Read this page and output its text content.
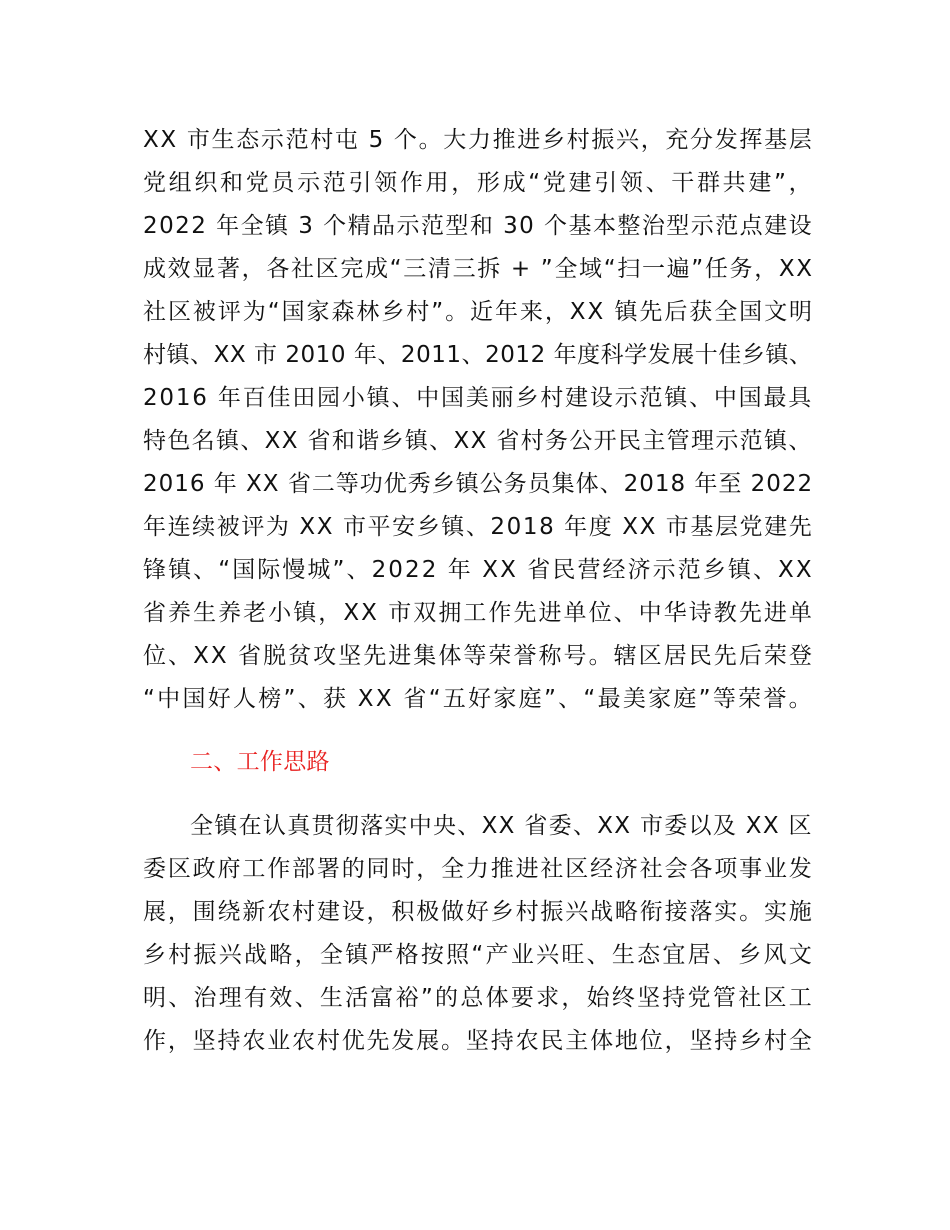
XX 市生态示范村屯 5 个。大力推进乡村振兴，充分发挥基层
党组织和党员示范引领作用，形成“党建引领、干群共建”，
2022 年全镇 3 个精品示范型和 30 个基本整治型示范点建设
成效显著，各社区完成“三清三拆 + ”全域“扫一遍”任务，XX
社区被评为“国家森林乡村”。近年来，XX 镇先后获全国文明
村镇、XX 市 2010 年、2011、2012 年度科学发展十佳乡镇、
2016 年百佳田园小镇、中国美丽乡村建设示范镇、中国最具
特色名镇、XX 省和谐乡镇、XX 省村务公开民主管理示范镇、
2016 年 XX 省二等功优秀乡镇公务员集体、2018 年至 2022
年连续被评为 XX 市平安乡镇、2018 年度 XX 市基层党建先
锋镇、“国际慢城”、2022 年 XX 省民营经济示范乡镇、XX
省养生养老小镇，XX 市双拥工作先进单位、中华诗教先进单
位、XX 省脱贫攻坚先进集体等荣誉称号。辖区居民先后荣登
“中国好人榜”、获 XX 省“五好家庭”、“最美家庭”等荣誉。
二、工作思路
全镇在认真贯彻落实中央、XX 省委、XX 市委以及 XX 区
委区政府工作部署的同时，全力推进社区经济社会各项事业发
展，围绕新农村建设，积极做好乡村振兴战略衔接落实。实施
乡村振兴战略，全镇严格按照“产业兴旺、生态宜居、乡风文
明、治理有效、生活富裕”的总体要求，始终坚持党管社区工
作，坚持农业农村优先发展。坚持农民主体地位，坚持乡村全
